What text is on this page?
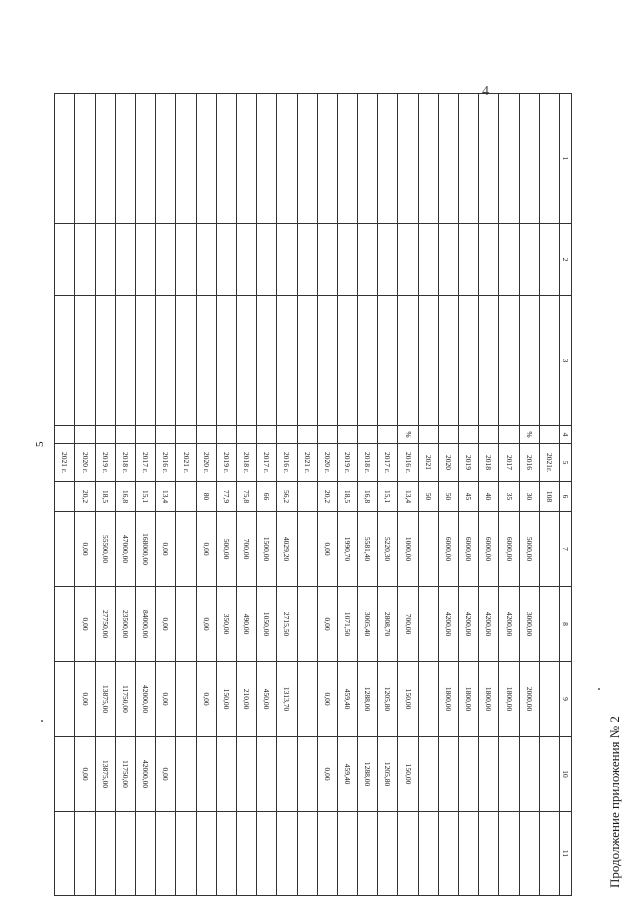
Продолжение приложения № 2
5
4
1	2	3	4	5	6	7	8	9	10	11
				2021г.	108					
			%	2016	30	5000,00	3000,00	2000,00		
				2017	35	6000,00	4200,00	1800,00		
				2018	40	6000,00	4200,00	1800,00		
				2019	45	6000,00	4200,00	1800,00		
				2020	50	6000,00	4200,00	1800,00		
				2021	50					
			%	2016 г.	13,4	1000,00	700,00	150,00	150,00	
				2017 г.	15,1	5220,30	2808,70	1205,80	1205,80	
				2018 г.	16,8	5581,40	3005,40	1288,00	1288,00	
				2019 г.	18,5	1990,70	1071,50	459,40	459,40	
				2020 г.	20,2	0,00	0,00	0,00	0,00	
				2021 г.						
				2016 г.	56,2	4029,20	2715,50	1313,70		
				2017 г.	66	1500,00	1050,00	450,00		
				2018 г.	75,8	700,00	490,00	210,00		
				2019 г.	77,9	500,00	350,00	150,00		
				2020 г.	80	0,00	0,00	0,00		
				2021 г.						
				2016 г.	13,4	0,00	0,00	0,00	0,00	
				2017 г.	15,1	168000,00	84000,00	42000,00	42000,00	
				2018 г.	16,8	47000,00	23500,00	11750,00	11750,00	
				2019 г.	18,5	55500,00	27750,00	13875,00	13875,00	
				2020 г.	20,2	0,00	0,00	0,00	0,00	
				2021 г.						
